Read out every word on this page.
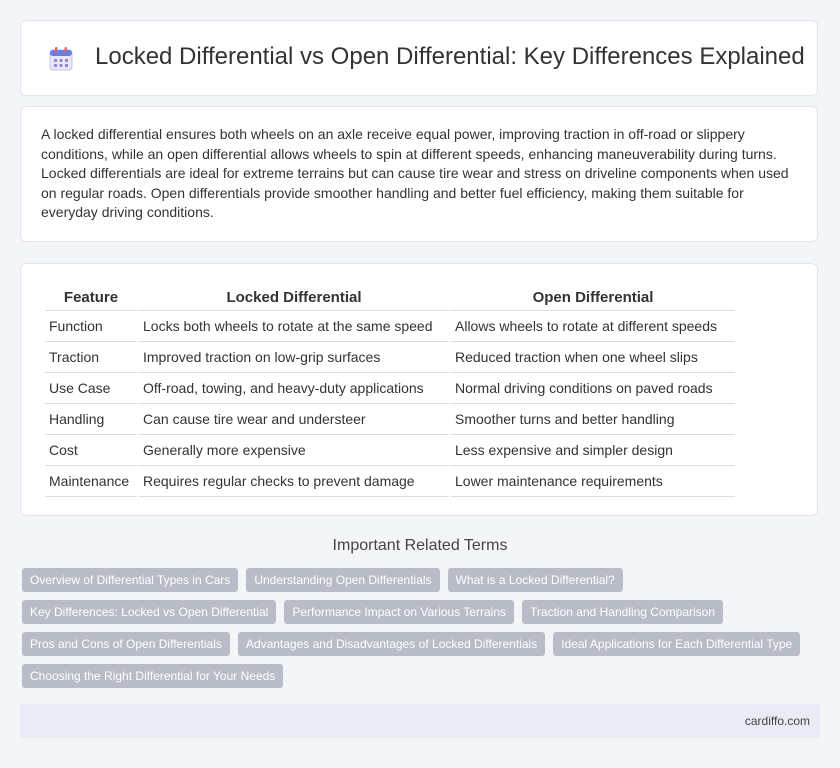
Locked Differential vs Open Differential: Key Differences Explained

A locked differential ensures both wheels on an axle receive equal power, improving traction in off-road or slippery conditions, while an open differential allows wheels to spin at different speeds, enhancing maneuverability during turns. Locked differentials are ideal for extreme terrains but can cause tire wear and stress on driveline components when used on regular roads. Open differentials provide smoother handling and better fuel efficiency, making them suitable for everyday driving conditions.

Feature	Locked Differential	Open Differential
Function	Locks both wheels to rotate at the same speed	Allows wheels to rotate at different speeds
Traction	Improved traction on low-grip surfaces	Reduced traction when one wheel slips
Use Case	Off-road, towing, and heavy-duty applications	Normal driving conditions on paved roads
Handling	Can cause tire wear and understeer	Smoother turns and better handling
Cost	Generally more expensive	Less expensive and simpler design
Maintenance	Requires regular checks to prevent damage	Lower maintenance requirements
Important Related Terms
Overview of Differential Types in Cars	Understanding Open Differentials	What is a Locked Differential?
Key Differences: Locked vs Open Differential	Performance Impact on Various Terrains	Traction and Handling Comparison
Pros and Cons of Open Differentials	Advantages and Disadvantages of Locked Differentials	Ideal Applications for Each Differential Type
Choosing the Right Differential for Your Needs
cardiffo.com
